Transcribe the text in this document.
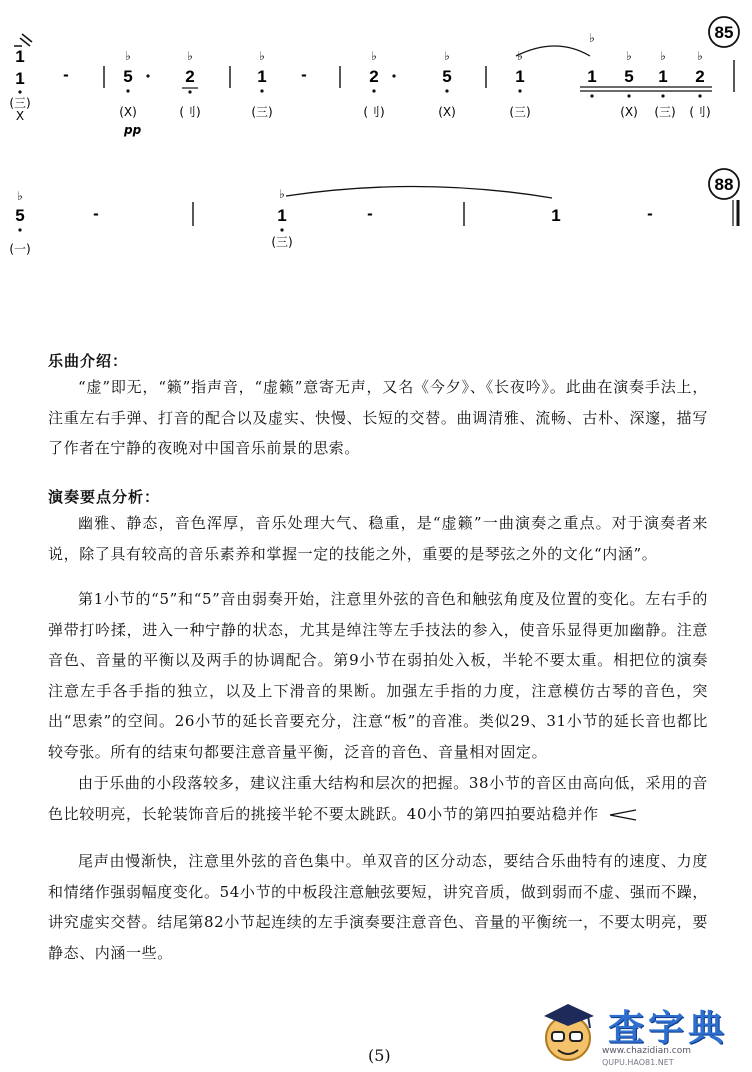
1
1
(三)
X
-
♭
5
(X)
pp
♭
2
(刂)
♭
1
(三)
-
♭
2
(刂)
♭
5
(X)
♭
1
(三)
♭
♭ ♭	♭
1 5 1 2
(X) (三) (刂)
85
♭
5
(一)
-
♭
1
(三)
-	1	-
88
乐曲介绍：

“虚”即无，“籁”指声音，“虚籁”意寄无声，又名《今夕》、《长夜吟》。此曲在演奏手法上，注重左右手弹、打音的配合以及虚实、快慢、长短的交替。曲调清雅、流畅、古朴、深邃，描写了作者在宁静的夜晚对中国音乐前景的思索。

演奏要点分析：

幽雅、静态，音色浑厚，音乐处理大气、稳重，是“虚籁”一曲演奏之重点。对于演奏者来说，除了具有较高的音乐素养和掌握一定的技能之外，重要的是琴弦之外的文化“内涵”。

第1小节的“5”和“5”音由弱奏开始，注意里外弦的音色和触弦角度及位置的变化。左右手的弹带打吟揉，进入一种宁静的状态，尤其是绰注等左手技法的参入，使音乐显得更加幽静。注意音色、音量的平衡以及两手的协调配合。第9小节在弱拍处入板，半轮不要太重。相把位的演奏注意左手各手指的独立，以及上下滑音的果断。加强左手指的力度，注意模仿古琴的音色，突出“思索”的空间。26小节的延长音要充分，注意“板”的音准。类似29、31小节的延长音也都比较夸张。所有的结束句都要注意音量平衡，泛音的音色、音量相对固定。

由于乐曲的小段落较多，建议注重大结构和层次的把握。38小节的音区由高向低，采用的音色比较明亮，长轮装饰音后的挑接半轮不要太跳跃。40小节的第四拍要站稳并作

尾声由慢渐快，注意里外弦的音色集中。单双音的区分动态，要结合乐曲特有的速度、力度和情绪作强弱幅度变化。54小节的中板段注意触弦要短，讲究音质，做到弱而不虚、强而不躁，讲究虚实交替。结尾第82小节起连续的左手演奏要注意音色、音量的平衡统一，不要太明亮，要静态、内涵一些。

(5)
查字典
www.chazidian.com
QUPU.HAO81.NET
